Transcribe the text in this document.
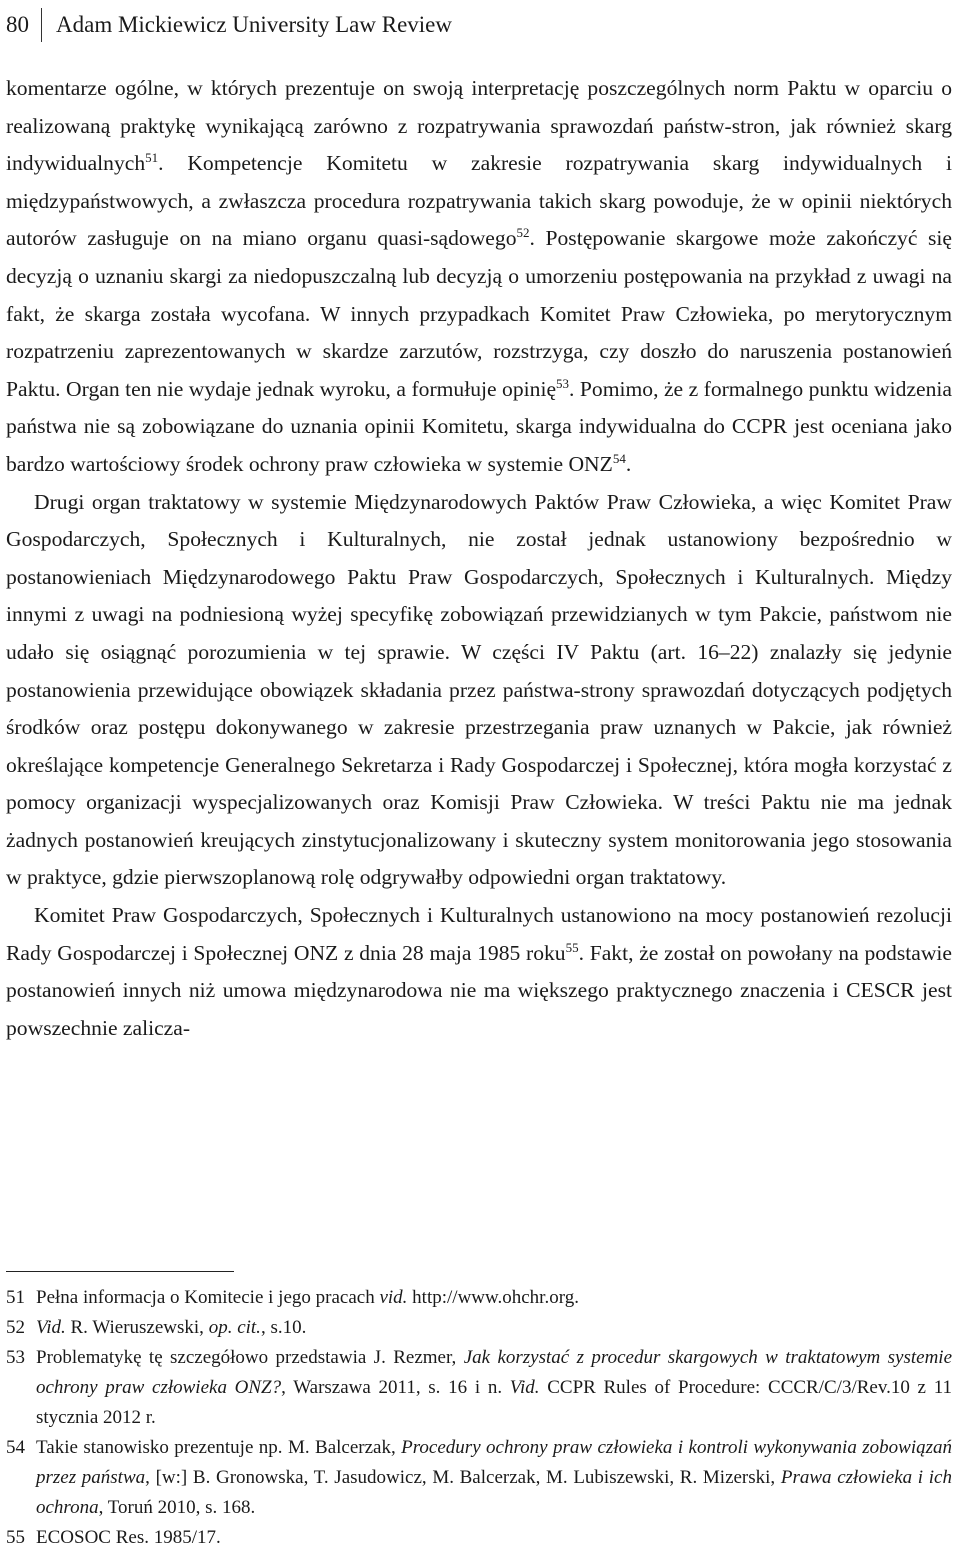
80	Adam Mickiewicz University Law Review

komentarze ogólne, w których prezentuje on swoją interpretację poszczególnych norm Paktu w oparciu o realizowaną praktykę wynikającą zarówno z rozpatrywania sprawozdań państw-stron, jak również skarg indywidualnych$^{51}$. Kompetencje Komitetu w zakresie rozpatrywania skarg indywidualnych i międzypaństwowych, a zwłaszcza procedura rozpatrywania takich skarg powoduje, że w opinii niektórych autorów zasługuje on na miano organu quasi-sądowego$^{52}$. Postępowanie skargowe może zakończyć się decyzją o uznaniu skargi za niedopuszczalną lub decyzją o umorzeniu postępowania na przykład z uwagi na fakt, że skarga została wycofana. W innych przypadkach Komitet Praw Człowieka, po merytorycznym rozpatrzeniu zaprezentowanych w skardze zarzutów, rozstrzyga, czy doszło do naruszenia postanowień Paktu. Organ ten nie wydaje jednak wyroku, a formułuje opinię$^{53}$. Pomimo, że z formalnego punktu widzenia państwa nie są zobowiązane do uznania opinii Komitetu, skarga indywidualna do CCPR jest oceniana jako bardzo wartościowy środek ochrony praw człowieka w systemie ONZ$^{54}$.

Drugi organ traktatowy w systemie Międzynarodowych Paktów Praw Człowieka, a więc Komitet Praw Gospodarczych, Społecznych i Kulturalnych, nie został jednak ustanowiony bezpośrednio w postanowieniach Międzynarodowego Paktu Praw Gospodarczych, Społecznych i Kulturalnych. Między innymi z uwagi na podniesioną wyżej specyfikę zobowiązań przewidzianych w tym Pakcie, państwom nie udało się osiągnąć porozumienia w tej sprawie. W części IV Paktu (art. 16–22) znalazły się jedynie postanowienia przewidujące obowiązek składania przez państwa-strony sprawozdań dotyczących podjętych środków oraz postępu dokonywanego w zakresie przestrzegania praw uznanych w Pakcie, jak również określające kompetencje Generalnego Sekretarza i Rady Gospodarczej i Społecznej, która mogła korzystać z pomocy organizacji wyspecjalizowanych oraz Komisji Praw Człowieka. W treści Paktu nie ma jednak żadnych postanowień kreujących zinstytucjonalizowany i skuteczny system monitorowania jego stosowania w praktyce, gdzie pierwszoplanową rolę odgrywałby odpowiedni organ traktatowy.

Komitet Praw Gospodarczych, Społecznych i Kulturalnych ustanowiono na mocy postanowień rezolucji Rady Gospodarczej i Społecznej ONZ z dnia 28 maja 1985 roku$^{55}$. Fakt, że został on powołany na podstawie postanowień innych niż umowa międzynarodowa nie ma większego praktycznego znaczenia i CESCR jest powszechnie zalicza-

51 Pełna informacja o Komitecie i jego pracach vid. http://www.ohchr.org.
52 Vid. R. Wieruszewski, op. cit., s.10.
53 Problematykę tę szczegółowo przedstawia J. Rezmer, Jak korzystać z procedur skargowych w traktatowym systemie ochrony praw człowieka ONZ?, Warszawa 2011, s. 16 i n. Vid. CCPR Rules of Procedure: CCCR/C/3/Rev.10 z 11 stycznia 2012 r.
54 Takie stanowisko prezentuje np. M. Balcerzak, Procedury ochrony praw człowieka i kontroli wykonywania zobowiązań przez państwa, [w:] B. Gronowska, T. Jasudowicz, M. Balcerzak, M. Lubiszewski, R. Mizerski, Prawa człowieka i ich ochrona, Toruń 2010, s. 168.
55 ECOSOC Res. 1985/17.
